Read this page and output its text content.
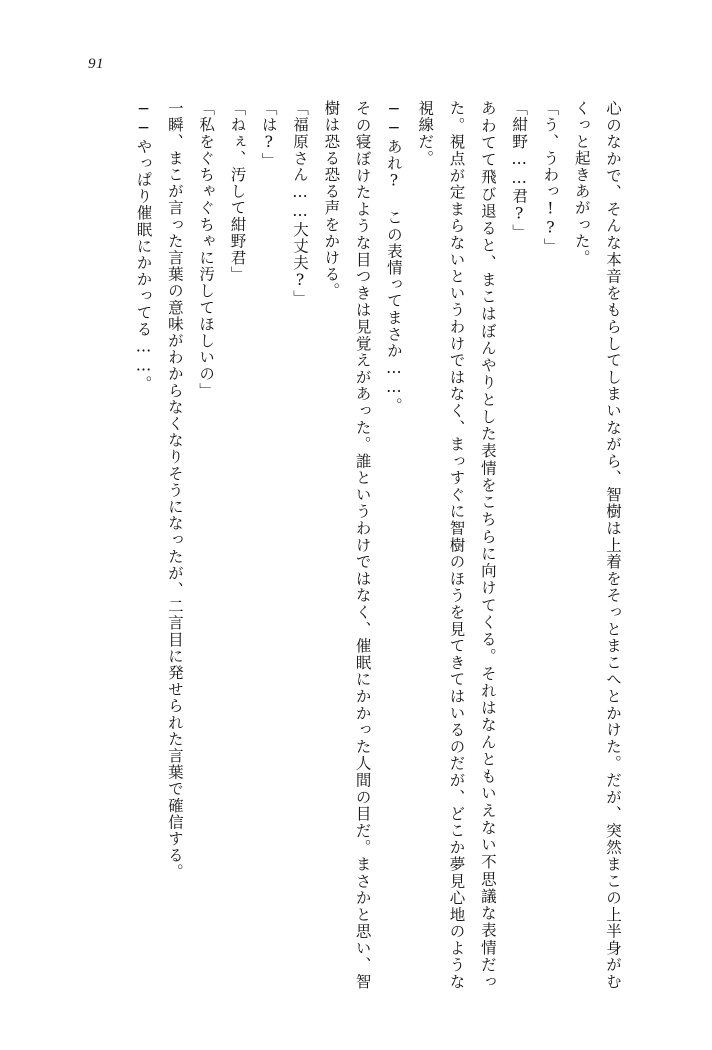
91

心のなかで、そんな本音をもらしてしまいながら、智樹は上着をそっとまこへとかけた。だが、突然まこの上半身がむくっと起きあがった。

「う、うわっ!?」

「紺野……君?」

あわてて飛び退ると、まこはぼんやりとした表情をこちらに向けてくる。それはなんともいえない不思議な表情だった。視点が定まらないというわけではなく、まっすぐに智樹のほうを見てきてはいるのだが、どこか夢見心地のような視線だ。

──あれ? この表情ってまさか……。

その寝ぼけたような目つきは見覚えがあった。誰というわけではなく、催眠にかかった人間の目だ。まさかと思い、智樹は恐る恐る声をかける。

「福原さん……大丈夫?」

「は?」

「ねぇ、汚して紺野君」

「私をぐちゃぐちゃに汚してほしいの」

一瞬、まこが言った言葉の意味がわからなくなりそうになったが、二言目に発せられた言葉で確信する。

──やっぱり催眠にかかってる……。
